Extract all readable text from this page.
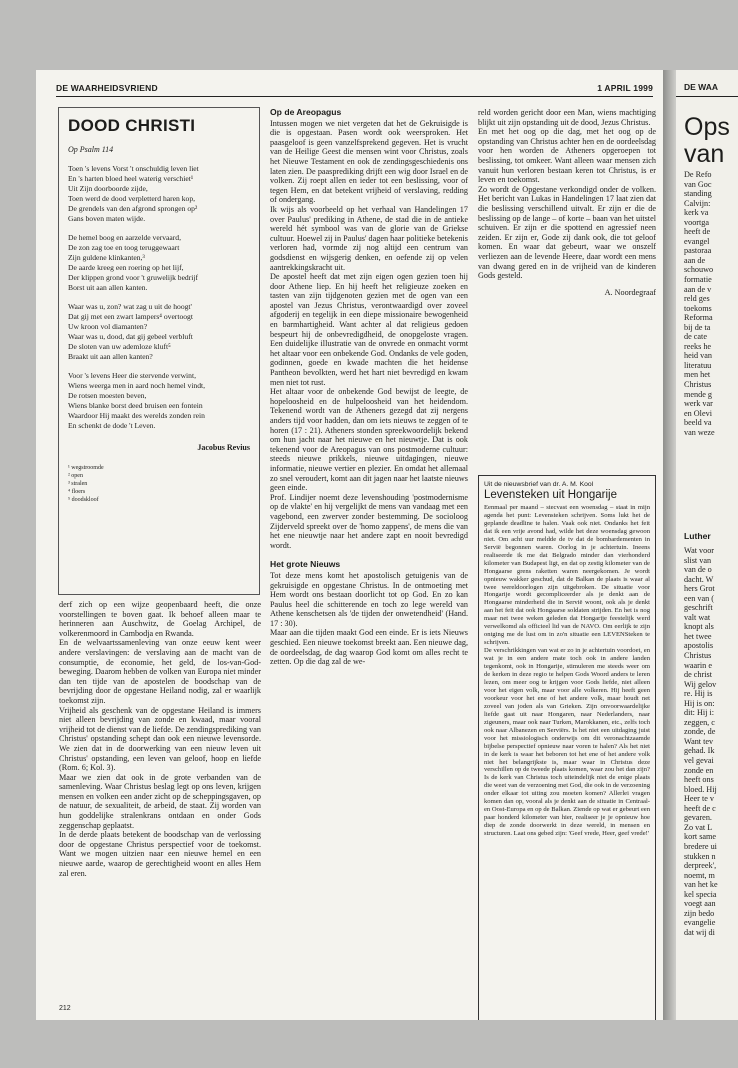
DE WAARHEIDSVRIEND	1 APRIL 1999
DOOD CHRISTI
Op Psalm 114
Toen 's levens Vorst 't onschuldig leven liet
En 's harten bloed heel waterig verschiet¹
Uit Zijn doorboorde zijde,
Toen werd de dood verpletterd haren kop,
De grendels van den afgrond sprongen op²
Gans boven maten wijde.
De hemel boog en aarzelde vervaard,
De zon zag toe en toog teruggewaart
Zijn guldene klinkanten,³
De aarde kreeg een roering op het lijf,
Der klippen grond voor 't gruwelijk bedrijf
Borst uit aan allen kanten.
Waar was u, zon? wat zag u uit de hoogt'
Dat gij met een zwart lampers⁴ overtoogt
Uw kroon vol diamanten?
Waar was u, dood, dat gij gebeel verbluft
De sloten van uw ademloze kluft⁵
Braakt uit aan allen kanten?
Voor 's levens Heer die stervende verwint,
Wiens weerga men in aard noch hemel vindt,
De rotsen moesten beven,
Wiens blanke borst deed bruisen een fontein
Waardoor Hij maakt des werelds zonden rein
En schenkt de dode 't Leven.
Jacobus Revius
¹ wegstroomde
² open
³ stralen
⁴ floers
⁵ doodskloof

derf zich op een wijze geopenbaard heeft, die onze voorstellingen te boven gaat. Ik behoef alleen maar te herinneren aan Auschwitz, de Goelag Archipel, de volkerenmoord in Cambodja en Rwanda.

En de welvaartssamenleving van onze eeuw kent weer andere verslavingen: de verslaving aan de macht van de consumptie, de economie, het geld, de los-van-God-beweging. Daarom hebben de volken van Europa niet minder dan ten tijde van de apostelen de boodschap van de bevrijding door de opgestane Heiland nodig, zal er waarlijk toekomst zijn.

Vrijheid als geschenk van de opgestane Heiland is immers niet alleen bevrijding van zonde en kwaad, maar vooral vrijheid tot de dienst van de liefde. De zendingsprediking van Christus' opstanding schept dan ook een nieuwe levensorde. We zien dat in de doorwerking van een nieuw leven uit Christus' opstanding, een leven van geloof, hoop en liefde (Rom. 6; Kol. 3).

Maar we zien dat ook in de grote verbanden van de samenleving. Waar Christus beslag legt op ons leven, krijgen mensen en volken een ander zicht op de scheppingsgaven, op de natuur, de sexualiteit, de arbeid, de staat. Zij worden van hun goddelijke stralenkrans ontdaan en onder Gods zeggenschap geplaatst.

In de derde plaats betekent de boodschap van de verlossing door de opgestane Christus perspectief voor de toekomst. Want we mogen uitzien naar een nieuwe hemel en een nieuwe aarde, waarop de gerechtigheid woont en alles Hem zal eren.

Op de Areopagus

Intussen mogen we niet vergeten dat het de Gekruisigde is die is opgestaan. Pasen wordt ook weersproken. Het paasgeloof is geen vanzelfsprekend gegeven. Het is vrucht van de Heilige Geest die mensen wint voor Christus, zoals het Nieuwe Testament en ook de zendingsgeschiedenis ons laten zien. De paasprediking drijft een wig door Israel en de volken. Zij roept allen en ieder tot een beslissing, voor of tegen Hem, en dat betekent vrijheid of verslaving, redding of ondergang.

Ik wijs als voorbeeld op het verhaal van Handelingen 17 over Paulus' prediking in Athene, de stad die in de antieke wereld hét symbool was van de glorie van de Griekse cultuur. Hoewel zij in Paulus' dagen haar politieke betekenis verloren had, vormde zij nog altijd een centrum van godsdienst en wijsgerig denken, en oefende zij op velen aantrekkingskracht uit.

De apostel heeft dat met zijn eigen ogen gezien toen hij door Athene liep. En hij heeft het religieuze zoeken en tasten van zijn tijdgenoten gezien met de ogen van een apostel van Jezus Christus, verontwaardigd over zoveel afgoderij en tegelijk in een diepe missionaire bewogenheid en barmhartigheid. Want achter al dat religieus gedoen bespeurt hij de onbevredigdheid, de onopgeloste vragen. Een duidelijke illustratie van de onvrede en onmacht vormt het altaar voor een onbekende God. Ondanks de vele goden, godinnen, goede en kwade machten die het heidense Pantheon bevolkten, werd het hart niet bevredigd en kwam men niet tot rust.

Het altaar voor de onbekende God bewijst de leegte, de hopeloosheid en de hulpeloosheid van het heidendom. Tekenend wordt van de Atheners gezegd dat zij nergens anders tijd voor hadden, dan om iets nieuws te zeggen of te horen (17 : 21). Atheners stonden spreekwoordelijk bekend om hun jacht naar het nieuwe en het nieuwtje. Dat is ook tekenend voor de Areopagus van ons postmoderne cultuur: steeds nieuwe prikkels, nieuwe uitdagingen, nieuwe informatie, nieuwe vertier en plezier. En omdat het allemaal zo snel veroudert, komt aan dit jagen naar het laatste nieuws geen einde.

Prof. Lindijer noemt deze levenshouding 'postmodernisme op de vlakte' en hij vergelijkt de mens van vandaag met een vagebond, een zwerver zonder bestemming. De socioloog Zijderveld spreekt over de 'homo zappens', de mens die van het ene nieuwtje naar het andere zapt en nooit bevredigd wordt.

Het grote Nieuws

Tot deze mens komt het apostolisch getuigenis van de gekruisigde en opgestane Christus. In de ontmoeting met Hem wordt ons bestaan doorlicht tot op God. En zo kan Paulus heel die schitterende en toch zo lege wereld van Athene kenschetsen als 'de tijden der onwetendheid' (Hand. 17 : 30).

Maar aan die tijden maakt God een einde. Er is iets Nieuws geschied. Een nieuwe toekomst breekt aan. Een nieuwe dag, de oordeelsdag, de dag waarop God komt om alles recht te zetten. Op die dag zal de we-

reld worden gericht door een Man, wiens machtiging blijkt uit zijn opstanding uit de dood, Jezus Christus.

En met het oog op die dag, met het oog op de opstanding van Christus achter hen en de oordeelsdag voor hen worden de Atheners opgeroepen tot beslissing, tot omkeer. Want alleen waar mensen zich vanuit hun verloren bestaan keren tot Christus, is er leven en toekomst.

Zo wordt de Opgestane verkondigd onder de volken. Het bericht van Lukas in Handelingen 17 laat zien dat die beslissing verschillend uitvalt. Er zijn er die de beslissing op de lange – of korte – baan van het uitstel schuiven. Er zijn er die spottend en agressief neen zeiden. Er zijn er, Gode zij dank ook, die tot geloof komen. En waar dat gebeurt, waar we onszelf verliezen aan de levende Heere, daar wordt een mens van dwang gered en in de vrijheid van de kinderen Gods gesteld.

A. Noordegraaf
Uit de nieuwsbrief van dr. A. M. Kool
Levensteken uit Hongarije
Eenmaal per maand – stecvast een woensdag – staat in mijn agenda het punt: Levensteken schrijven. Soms lukt het de geplande deadline te halen. Vaak ook niet. Ondanks het feit dat ik een vrije avond had, wilde het deze woensdag gewoon niet. Om acht uur meldde de tv dat de bombardementen in Servië begonnen waren. Oorlog in je achtertuin. Ineens realiseerde ik me dat Belgrado minder dan vierhonderd kilometer van Budapest ligt, en dat op zestig kilometer van de Hongaarse grens raketten waren neergekomen. Je wordt opnieuw wakker geschud, dat de Balkan de plaats is waar al twee wereldoorlogen zijn uitgebroken. De situatie voor Hongarije wordt gecompliceerder als je denkt aan de Hongaarse minderheid die in Servië woont, ook als je denkt aan het feit dat ook Hongaarse soldaten strijden. En het is nog maar net twee weken geleden dat Hongarije feestelijk werd verwelkomd als officieel lid van de NAVO. Om eerlijk te zijn ontging me de lust om in zo'n situatie een LEVENSteken te schrijven.
De verschrikkingen van wat er zo in je achtertuin voordoet, en wat je in een andere mate toch ook in andere landen tegenkomt, ook in Hongarije, stimuleren me steeds weer om de kerken in deze regio te helpen Gods Woord anders te leren lezen, om meer oog te krijgen voor Gods liefde, niet alleen voor het eigen volk, maar voor alle volkeren. Hij heeft geen voorkeur voor het ene of het andere volk, maar houdt net zoveel van joden als van Grieken. Zijn onvoorwaardelijke liefde gaat uit naar Hongaren, naar Nederlanders, naar zigeuners, maar ook naar Turken, Marokkanen, etc., zelfs toch ook naar Albanezen en Serviërs. Is het niet een uitdaging juist voor het missiologisch onderwijs om dit veronachtzaamde bijbelse perspectief opnieuw naar voren te halen? Als het niet in de kerk is waar het beboren tot het ene of het andere volk niet het belangrijkste is, maar waar in Christus deze verschillen op de tweede plaats komen, waar zou het dan zijn? Is de kerk van Christus toch uiteindelijk niet de enige plaats die weet van de verzoening met God, die ook in de verzoening onder elkaar tot uiting zou moeten komen? Allerlei vragen komen dan op, vooral als je denkt aan de situatie in Centraal- en Oost-Europa en op de Balkan. Ziende op wat er gebeurt een paar honderd kilometer van hier, realiseer je je opnieuw hoe diep de zonde doorwerkt in deze wereld, in mensen en structuren. Laat ons gebed zijn: 'Geef vrede, Heer, geef vrede!'
212
DE WAA
Ops
van
De Refo
van Goc
standing
Calvijn:
kerk va
voortga
heeft de
evangel
pastoraa
aan de
schouwo
formatie
aan de v
reld ges
toekoms
Reforma
bij de ta
de cate
reeks he
heid van
literatuu
men het
Christus
mende g
werk var
en Olevi
beeld va
van weze
Luther
Wat voor
slist van
van de o
dacht. W
hers Grot
een van (
geschrift
valt wat
knopt als
het twee
apostolis
Christus
waarin e
de christ
Wij gelov
re. Hij is
Hij is on:
dit: Hij i:
zeggen, c
zonde, de
Want tev
gehad. Ik
vel gevai
zonde en
heeft ons
bloed. Hij
Heer te v
heeft de c
gevaren.
Zo vat L
kort same
bredere ui
stukken n
derpreek',
noemt, m
van het ke
kel specia
voegt aan
zijn bedo
evangelie
dat wij di
